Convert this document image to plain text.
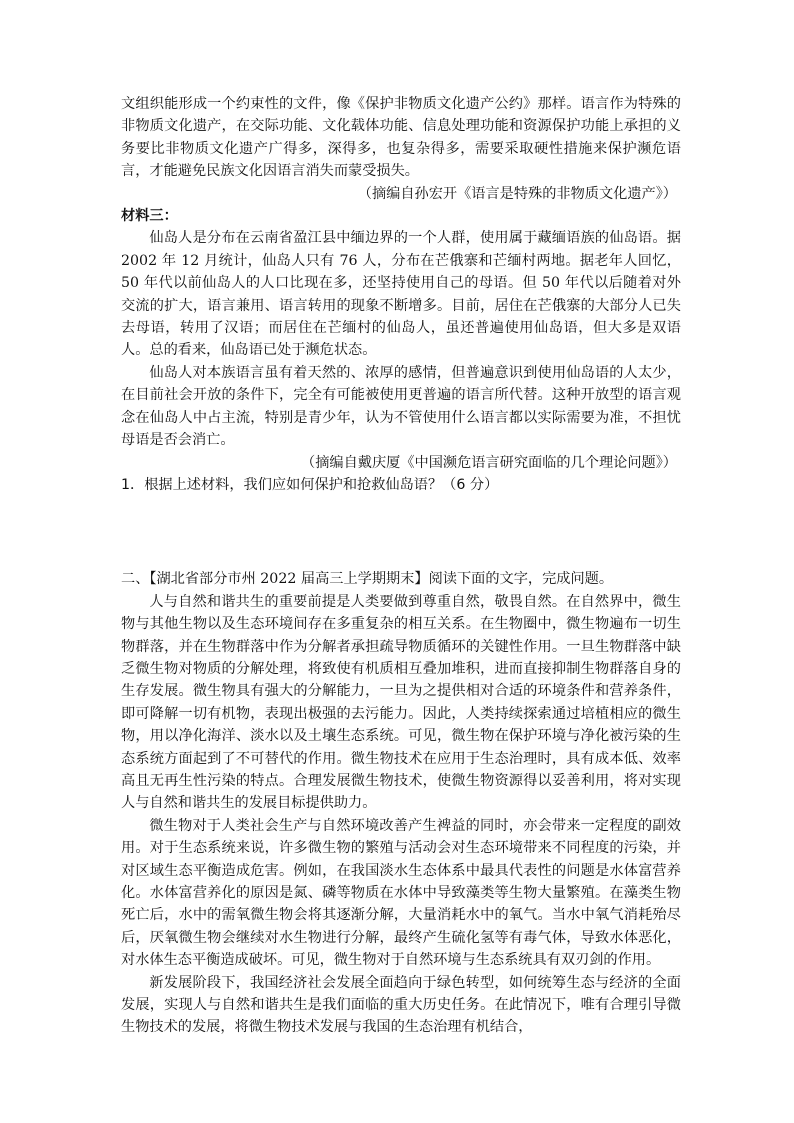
文组织能形成一个约束性的文件，像《保护非物质文化遗产公约》那样。语言作为特殊的非物质文化遗产，在交际功能、文化载体功能、信息处理功能和资源保护功能上承担的义务要比非物质文化遗产广得多，深得多，也复杂得多，需要采取硬性措施来保护濒危语言，才能避免民族文化因语言消失而蒙受损失。

（摘编自孙宏开《语言是特殊的非物质文化遗产》）

材料三：

仙岛人是分布在云南省盈江县中缅边界的一个人群，使用属于藏缅语族的仙岛语。据 2002 年 12 月统计，仙岛人只有 76 人，分布在芒俄寨和芒缅村两地。据老年人回忆，50 年代以前仙岛人的人口比现在多，还坚持使用自己的母语。但 50 年代以后随着对外交流的扩大，语言兼用、语言转用的现象不断增多。目前，居住在芒俄寨的大部分人已失去母语，转用了汉语；而居住在芒缅村的仙岛人，虽还普遍使用仙岛语，但大多是双语人。总的看来，仙岛语已处于濒危状态。

仙岛人对本族语言虽有着天然的、浓厚的感情，但普遍意识到使用仙岛语的人太少，在目前社会开放的条件下，完全有可能被使用更普遍的语言所代替。这种开放型的语言观念在仙岛人中占主流，特别是青少年，认为不管使用什么语言都以实际需要为准，不担忧母语是否会消亡。

（摘编自戴庆厦《中国濒危语言研究面临的几个理论问题》）

1．根据上述材料，我们应如何保护和抢救仙岛语？（6 分）

二、【湖北省部分市州 2022 届高三上学期期末】阅读下面的文字，完成问题。

人与自然和谐共生的重要前提是人类要做到尊重自然，敬畏自然。在自然界中，微生物与其他生物以及生态环境间存在多重复杂的相互关系。在生物圈中，微生物遍布一切生物群落，并在生物群落中作为分解者承担疏导物质循环的关键性作用。一旦生物群落中缺乏微生物对物质的分解处理，将致使有机质相互叠加堆积，进而直接抑制生物群落自身的生存发展。微生物具有强大的分解能力，一旦为之提供相对合适的环境条件和营养条件，即可降解一切有机物，表现出极强的去污能力。因此，人类持续探索通过培植相应的微生物，用以净化海洋、淡水以及土壤生态系统。可见，微生物在保护环境与净化被污染的生态系统方面起到了不可替代的作用。微生物技术在应用于生态治理时，具有成本低、效率高且无再生性污染的特点。合理发展微生物技术，使微生物资源得以妥善利用，将对实现人与自然和谐共生的发展目标提供助力。

微生物对于人类社会生产与自然环境改善产生裨益的同时，亦会带来一定程度的副效用。对于生态系统来说，许多微生物的繁殖与活动会对生态环境带来不同程度的污染，并对区域生态平衡造成危害。例如，在我国淡水生态体系中最具代表性的问题是水体富营养化。水体富营养化的原因是氮、磷等物质在水体中导致藻类等生物大量繁殖。在藻类生物死亡后，水中的需氧微生物会将其逐渐分解，大量消耗水中的氧气。当水中氧气消耗殆尽后，厌氧微生物会继续对水生物进行分解，最终产生硫化氢等有毒气体，导致水体恶化，对水体生态平衡造成破坏。可见，微生物对于自然环境与生态系统具有双刃剑的作用。

新发展阶段下，我国经济社会发展全面趋向于绿色转型，如何统筹生态与经济的全面发展，实现人与自然和谐共生是我们面临的重大历史任务。在此情况下，唯有合理引导微生物技术的发展，将微生物技术发展与我国的生态治理有机结合，
